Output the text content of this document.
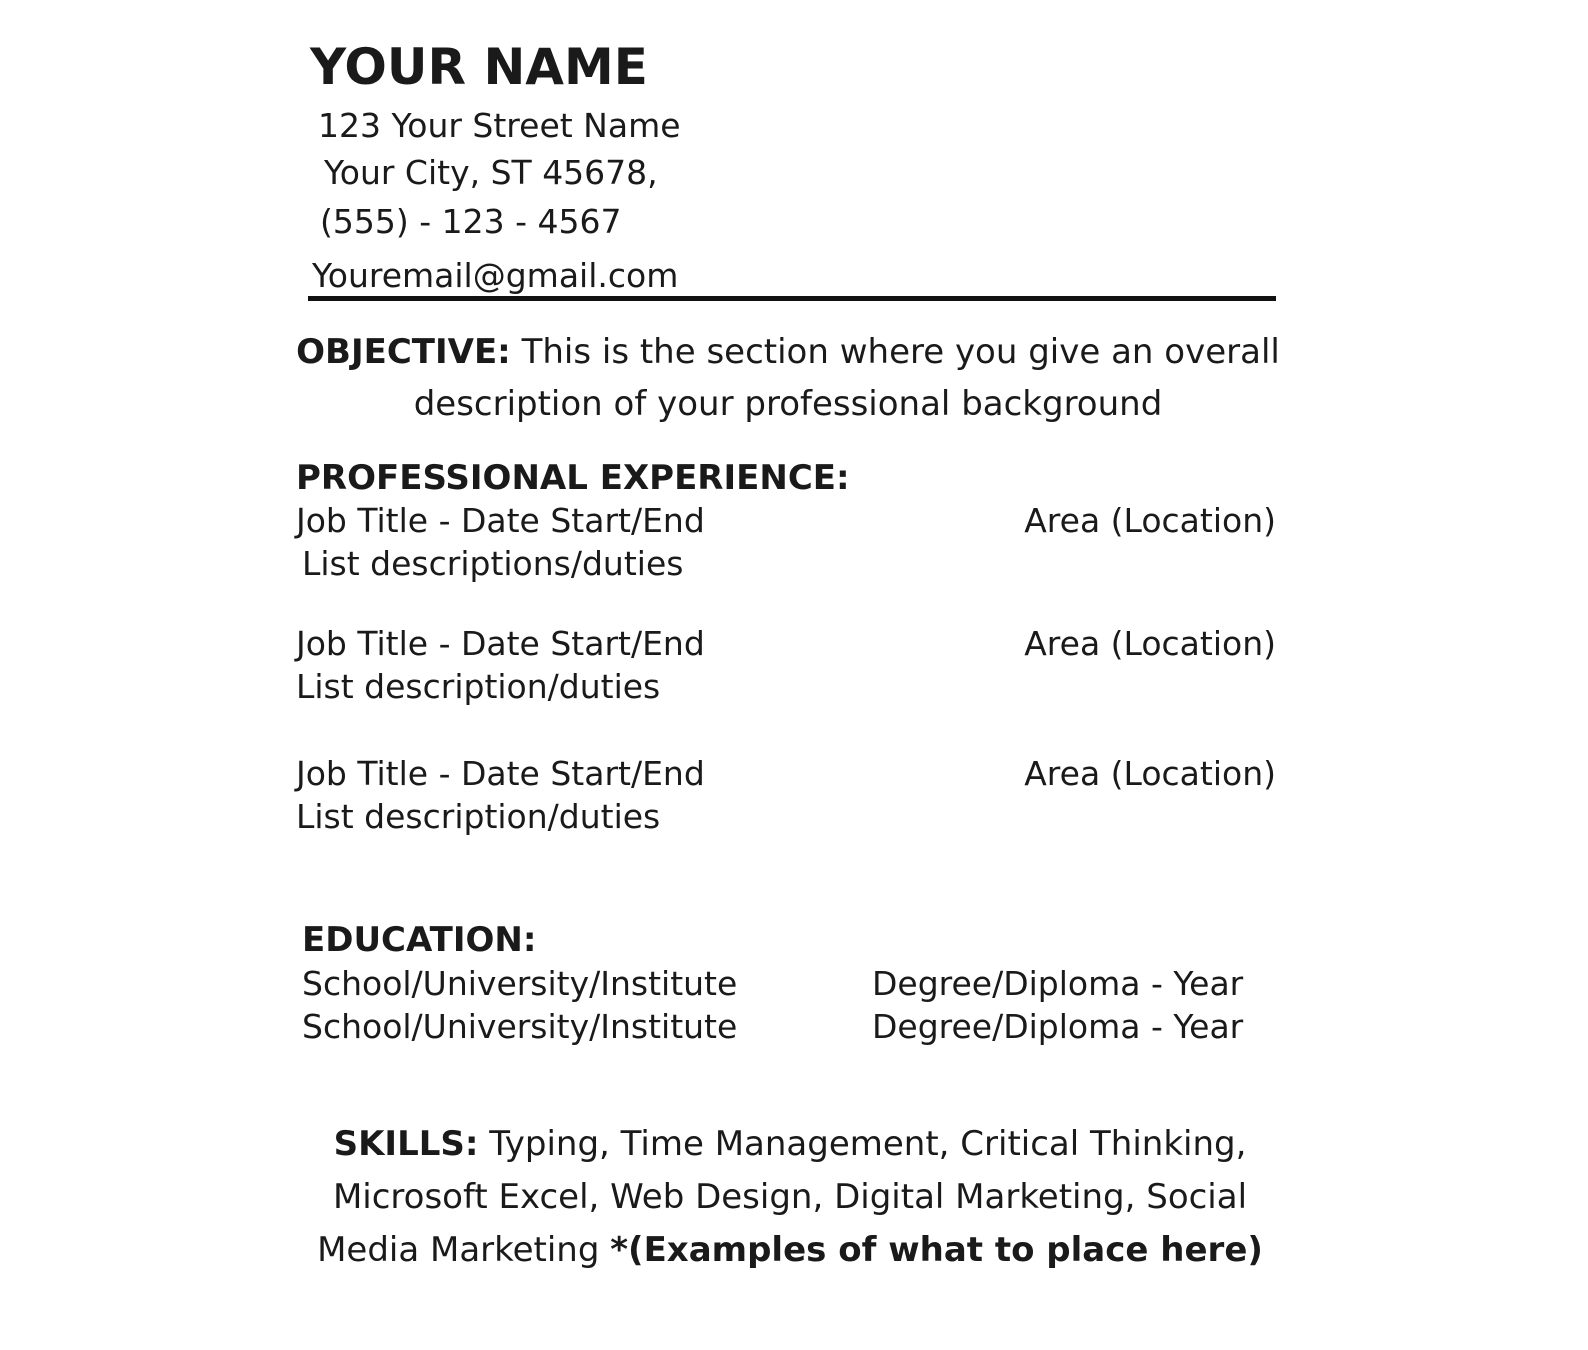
YOUR NAME
123 Your Street Name
Your City, ST 45678,
(555) - 123 - 4567
Youremail@gmail.com
OBJECTIVE: This is the section where you give an overall description of your professional background
PROFESSIONAL EXPERIENCE:
Job Title - Date Start/End	Area (Location)
List descriptions/duties
Job Title - Date Start/End	Area (Location)
List description/duties
Job Title - Date Start/End	Area (Location)
List description/duties
EDUCATION:
School/University/Institute	Degree/Diploma - Year
School/University/Institute	Degree/Diploma - Year
SKILLS: Typing, Time Management, Critical Thinking, Microsoft Excel, Web Design, Digital Marketing, Social Media Marketing *(Examples of what to place here)
